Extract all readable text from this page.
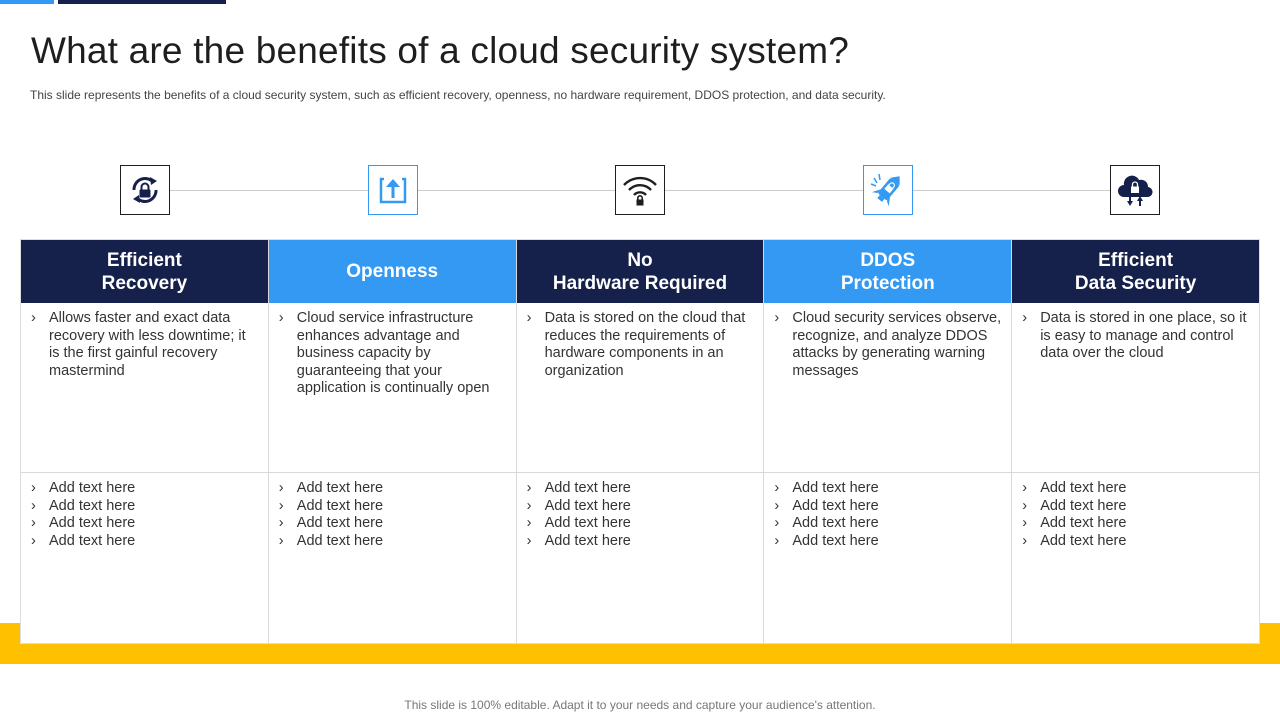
What are the benefits of a cloud security system?

This slide represents the benefits of a cloud security system, such as efficient recovery, openness, no hardware requirement, DDOS protection, and data security.

Efficient
Recovery
› Allows faster and exact data recovery with less downtime; it is the first gainful recovery mastermind
› Add text here
› Add text here
› Add text here
› Add text here
Openness
› Cloud service infrastructure enhances advantage and business capacity by guaranteeing that your application is continually open
› Add text here
› Add text here
› Add text here
› Add text here
No
Hardware Required
› Data is stored on the cloud that reduces the requirements of hardware components in an organization
› Add text here
› Add text here
› Add text here
› Add text here
DDOS
Protection
› Cloud security services observe, recognize, and analyze DDOS attacks by generating warning messages
› Add text here
› Add text here
› Add text here
› Add text here
Efficient
Data Security
› Data is stored in one place, so it is easy to manage and control data over the cloud
› Add text here
› Add text here
› Add text here
› Add text here
This slide is 100% editable. Adapt it to your needs and capture your audience's attention.
